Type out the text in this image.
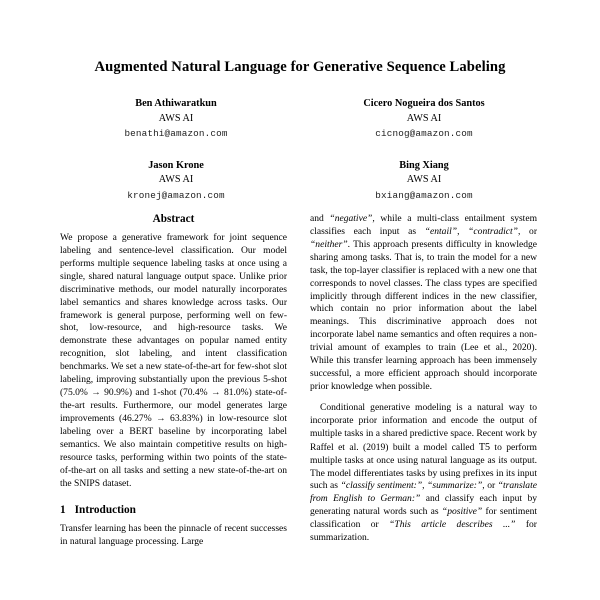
Augmented Natural Language for Generative Sequence Labeling
Ben Athiwaratkun
AWS AI
benathi@amazon.com
Cicero Nogueira dos Santos
AWS AI
cicnog@amazon.com
Jason Krone
AWS AI
kronej@amazon.com
Bing Xiang
AWS AI
bxiang@amazon.com
Abstract

We propose a generative framework for joint sequence labeling and sentence-level classification. Our model performs multiple sequence labeling tasks at once using a single, shared natural language output space. Unlike prior discriminative methods, our model naturally incorporates label semantics and shares knowledge across tasks. Our framework is general purpose, performing well on few-shot, low-resource, and high-resource tasks. We demonstrate these advantages on popular named entity recognition, slot labeling, and intent classification benchmarks. We set a new state-of-the-art for few-shot slot labeling, improving substantially upon the previous 5-shot (75.0% → 90.9%) and 1-shot (70.4% → 81.0%) state-of-the-art results. Furthermore, our model generates large improvements (46.27% → 63.83%) in low-resource slot labeling over a BERT baseline by incorporating label semantics. We also maintain competitive results on high-resource tasks, performing within two points of the state-of-the-art on all tasks and setting a new state-of-the-art on the SNIPS dataset.

1 Introduction

Transfer learning has been the pinnacle of recent successes in natural language processing. Large

and “negative”, while a multi-class entailment system classifies each input as “entail”, “contradict”, or “neither”. This approach presents difficulty in knowledge sharing among tasks. That is, to train the model for a new task, the top-layer classifier is replaced with a new one that corresponds to novel classes. The class types are specified implicitly through different indices in the new classifier, which contain no prior information about the label meanings. This discriminative approach does not incorporate label name semantics and often requires a non-trivial amount of examples to train (Lee et al., 2020). While this transfer learning approach has been immensely successful, a more efficient approach should incorporate prior knowledge when possible.

Conditional generative modeling is a natural way to incorporate prior information and encode the output of multiple tasks in a shared predictive space. Recent work by Raffel et al. (2019) built a model called T5 to perform multiple tasks at once using natural language as its output. The model differentiates tasks by using prefixes in its input such as “classify sentiment:”, “summarize:”, or “translate from English to German:” and classify each input by generating natural words such as “positive” for sentiment classification or “This article describes ...” for summarization.
